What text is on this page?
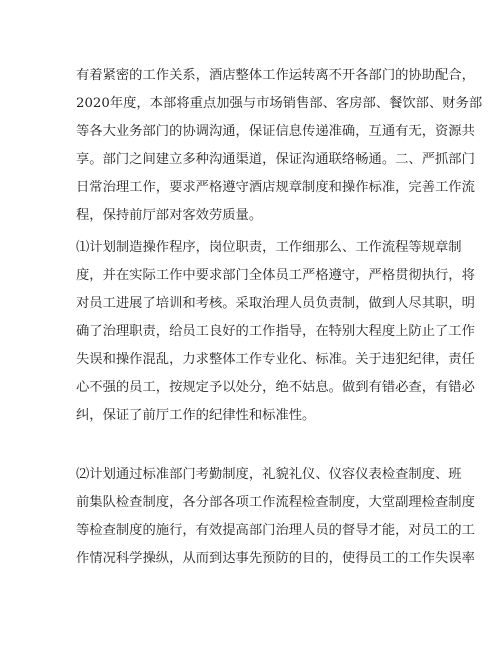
有着紧密的工作关系，酒店整体工作运转离不开各部门的协助配合，
2020年度，本部将重点加强与市场销售部、客房部、餐饮部、财务部
等各大业务部门的协调沟通，保证信息传递准确，互通有无，资源共
享。部门之间建立多种沟通渠道，保证沟通联络畅通。二、严抓部门
日常治理工作，要求严格遵守酒店规章制度和操作标准，完善工作流
程，保持前厅部对客效劳质量。
⑴计划制造操作程序，岗位职责，工作细那么、工作流程等规章制
度，并在实际工作中要求部门全体员工严格遵守，严格贯彻执行，将
对员工进展了培训和考核。采取治理人员负责制，做到人尽其职，明
确了治理职责，给员工良好的工作指导，在特别大程度上防止了工作
失误和操作混乱，力求整体工作专业化、标准。关于违犯纪律，责任
心不强的员工，按规定予以处分，绝不姑息。做到有错必查，有错必
纠，保证了前厅工作的纪律性和标准性。
⑵计划通过标准部门考勤制度，礼貌礼仪、仪容仪表检查制度、班
前集队检查制度，各分部各项工作流程检查制度，大堂副理检查制度
等检查制度的施行，有效提高部门治理人员的督导才能，对员工的工
作情况科学操纵，从而到达事先预防的目的，使得员工的工作失误率
